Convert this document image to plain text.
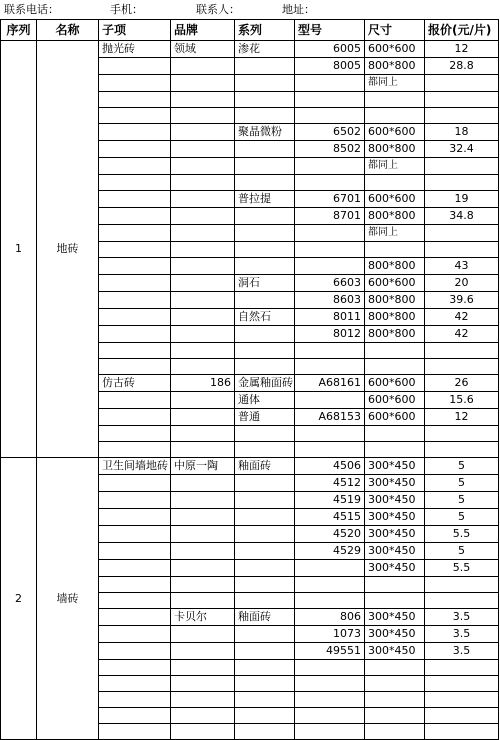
联系电话：	手机：	联系人：	地址：
序列	名称	子项	品牌	系列	型号	尺寸	报价(元/片)
1	地砖	抛光砖	领域	渗花	6005	600*600	12
					8005	800*800	28.8
						都同上	

				聚晶微粉	6502	600*600	18
					8502	800*800	32.4
						都同上	

				普拉提	6701	600*600	19
					8701	800*800	34.8
						都同上	

						800*800	43
				洞石	6603	600*600	20
					8603	800*800	39.6
				自然石	8011	800*800	42
					8012	800*800	42

		仿古砖	186	金属釉面砖	A68161	600*600	26
				通体		600*600	15.6
				普通	A68153	600*600	12

2	墙砖	卫生间墙地砖	中原一陶	釉面砖	4506	300*450	5
					4512	300*450	5
					4519	300*450	5
					4515	300*450	5
					4520	300*450	5.5
					4529	300*450	5
						300*450	5.5

			卡贝尔	釉面砖	806	300*450	3.5
					1073	300*450	3.5
					49551	300*450	3.5
